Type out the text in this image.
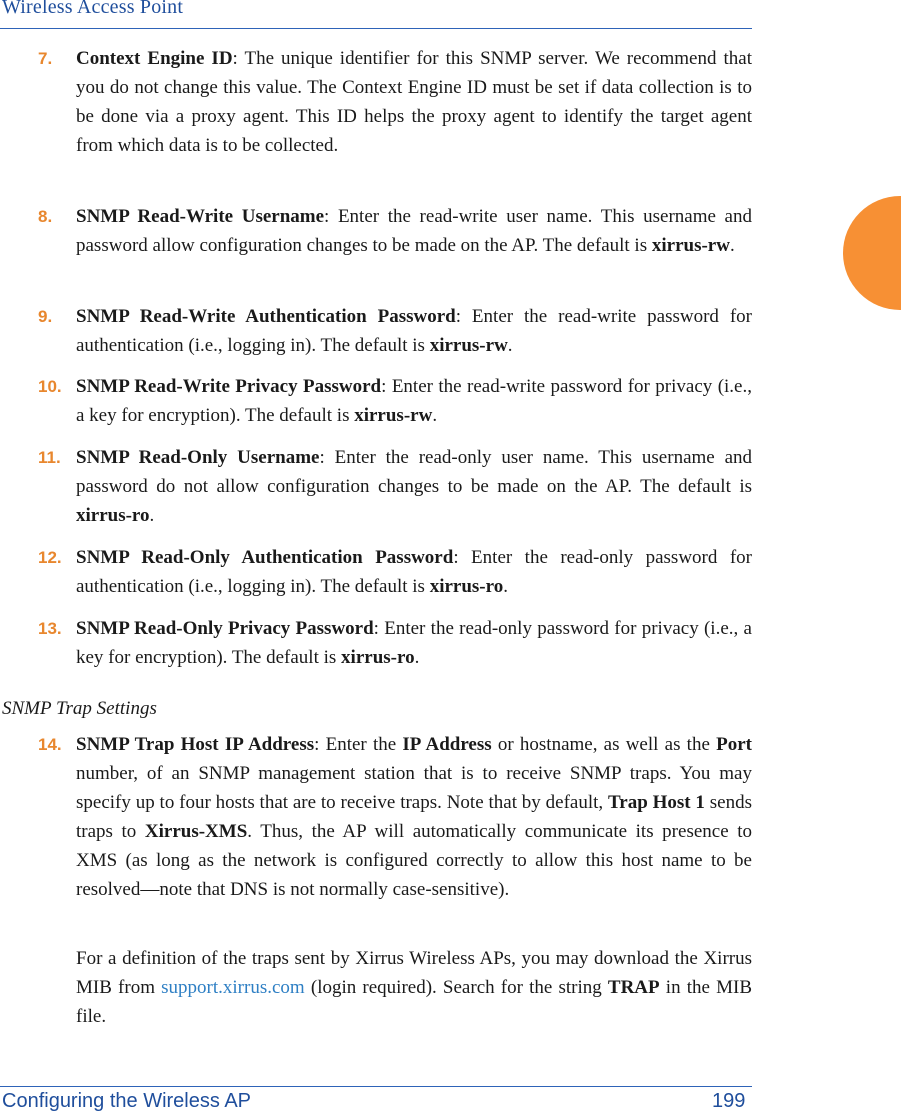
Wireless Access Point
7. Context Engine ID: The unique identifier for this SNMP server. We recommend that you do not change this value. The Context Engine ID must be set if data collection is to be done via a proxy agent. This ID helps the proxy agent to identify the target agent from which data is to be collected.
8. SNMP Read-Write Username: Enter the read-write user name. This username and password allow configuration changes to be made on the AP. The default is xirrus-rw.
9. SNMP Read-Write Authentication Password: Enter the read-write password for authentication (i.e., logging in). The default is xirrus-rw.
10. SNMP Read-Write Privacy Password: Enter the read-write password for privacy (i.e., a key for encryption). The default is xirrus-rw.
11. SNMP Read-Only Username: Enter the read-only user name. This username and password do not allow configuration changes to be made on the AP. The default is xirrus-ro.
12. SNMP Read-Only Authentication Password: Enter the read-only password for authentication (i.e., logging in). The default is xirrus-ro.
13. SNMP Read-Only Privacy Password: Enter the read-only password for privacy (i.e., a key for encryption). The default is xirrus-ro.
SNMP Trap Settings
14. SNMP Trap Host IP Address: Enter the IP Address or hostname, as well as the Port number, of an SNMP management station that is to receive SNMP traps. You may specify up to four hosts that are to receive traps. Note that by default, Trap Host 1 sends traps to Xirrus-XMS. Thus, the AP will automatically communicate its presence to XMS (as long as the network is configured correctly to allow this host name to be resolved—note that DNS is not normally case-sensitive).
For a definition of the traps sent by Xirrus Wireless APs, you may download the Xirrus MIB from support.xirrus.com (login required). Search for the string TRAP in the MIB file.
Configuring the Wireless AP	199
